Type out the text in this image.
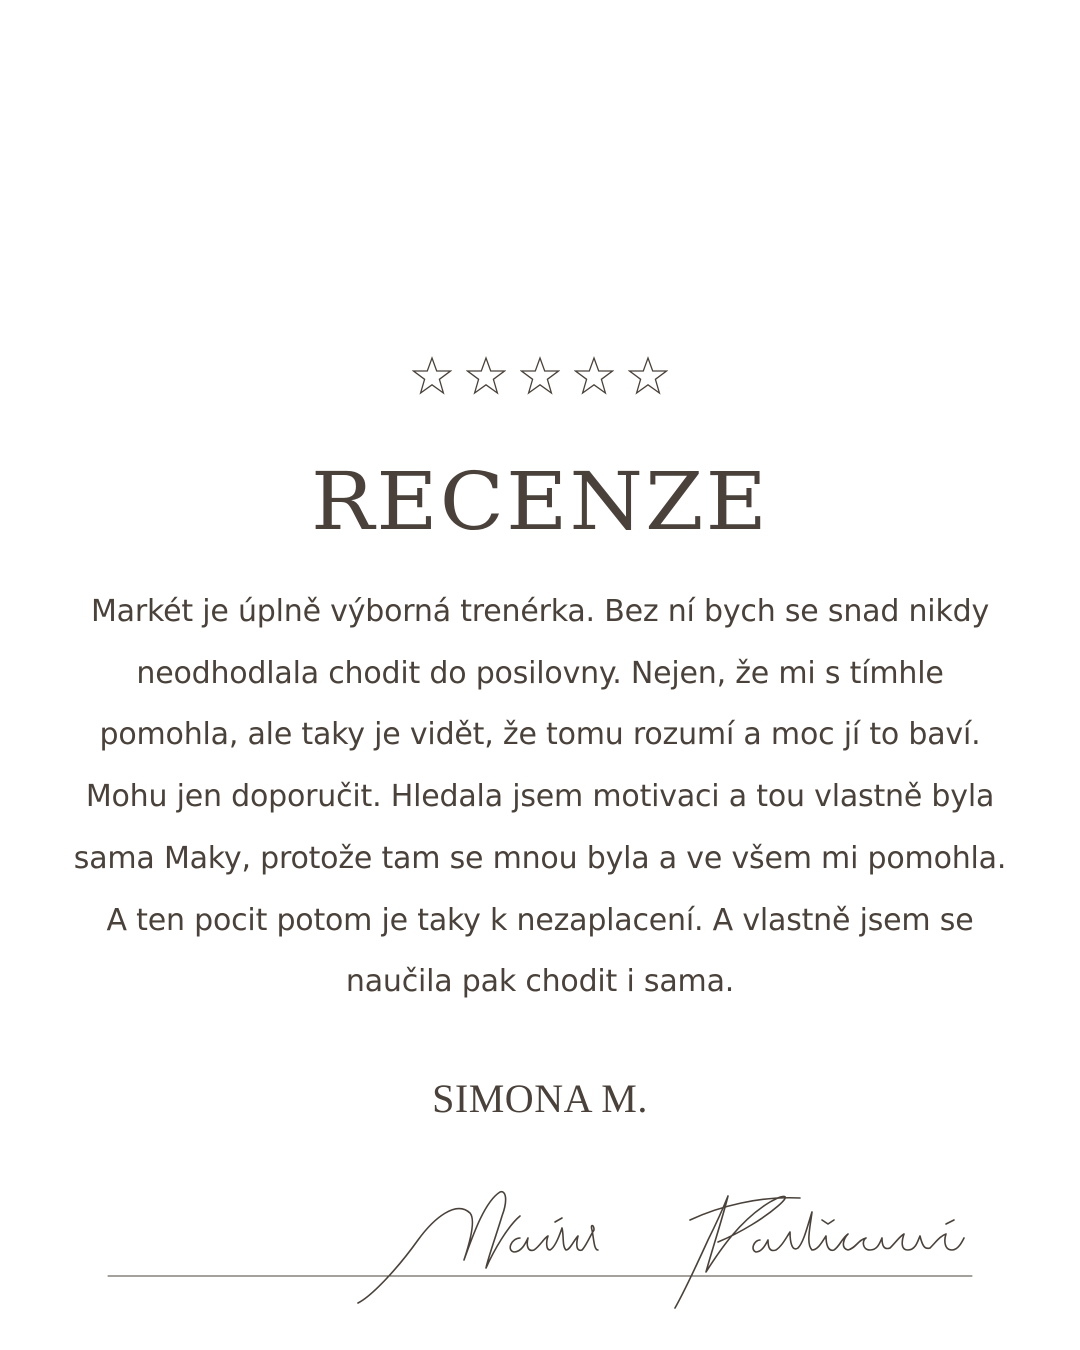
RECENZE

Markét je úplně výborná trenérka. Bez ní bych se snad nikdy
neodhodlala chodit do posilovny. Nejen, že mi s tímhle
pomohla, ale taky je vidět, že tomu rozumí a moc jí to baví.
Mohu jen doporučit. Hledala jsem motivaci a tou vlastně byla
sama Maky, protože tam se mnou byla a ve všem mi pomohla.
A ten pocit potom je taky k nezaplacení. A vlastně jsem se
naučila pak chodit i sama.

SIMONA M.
